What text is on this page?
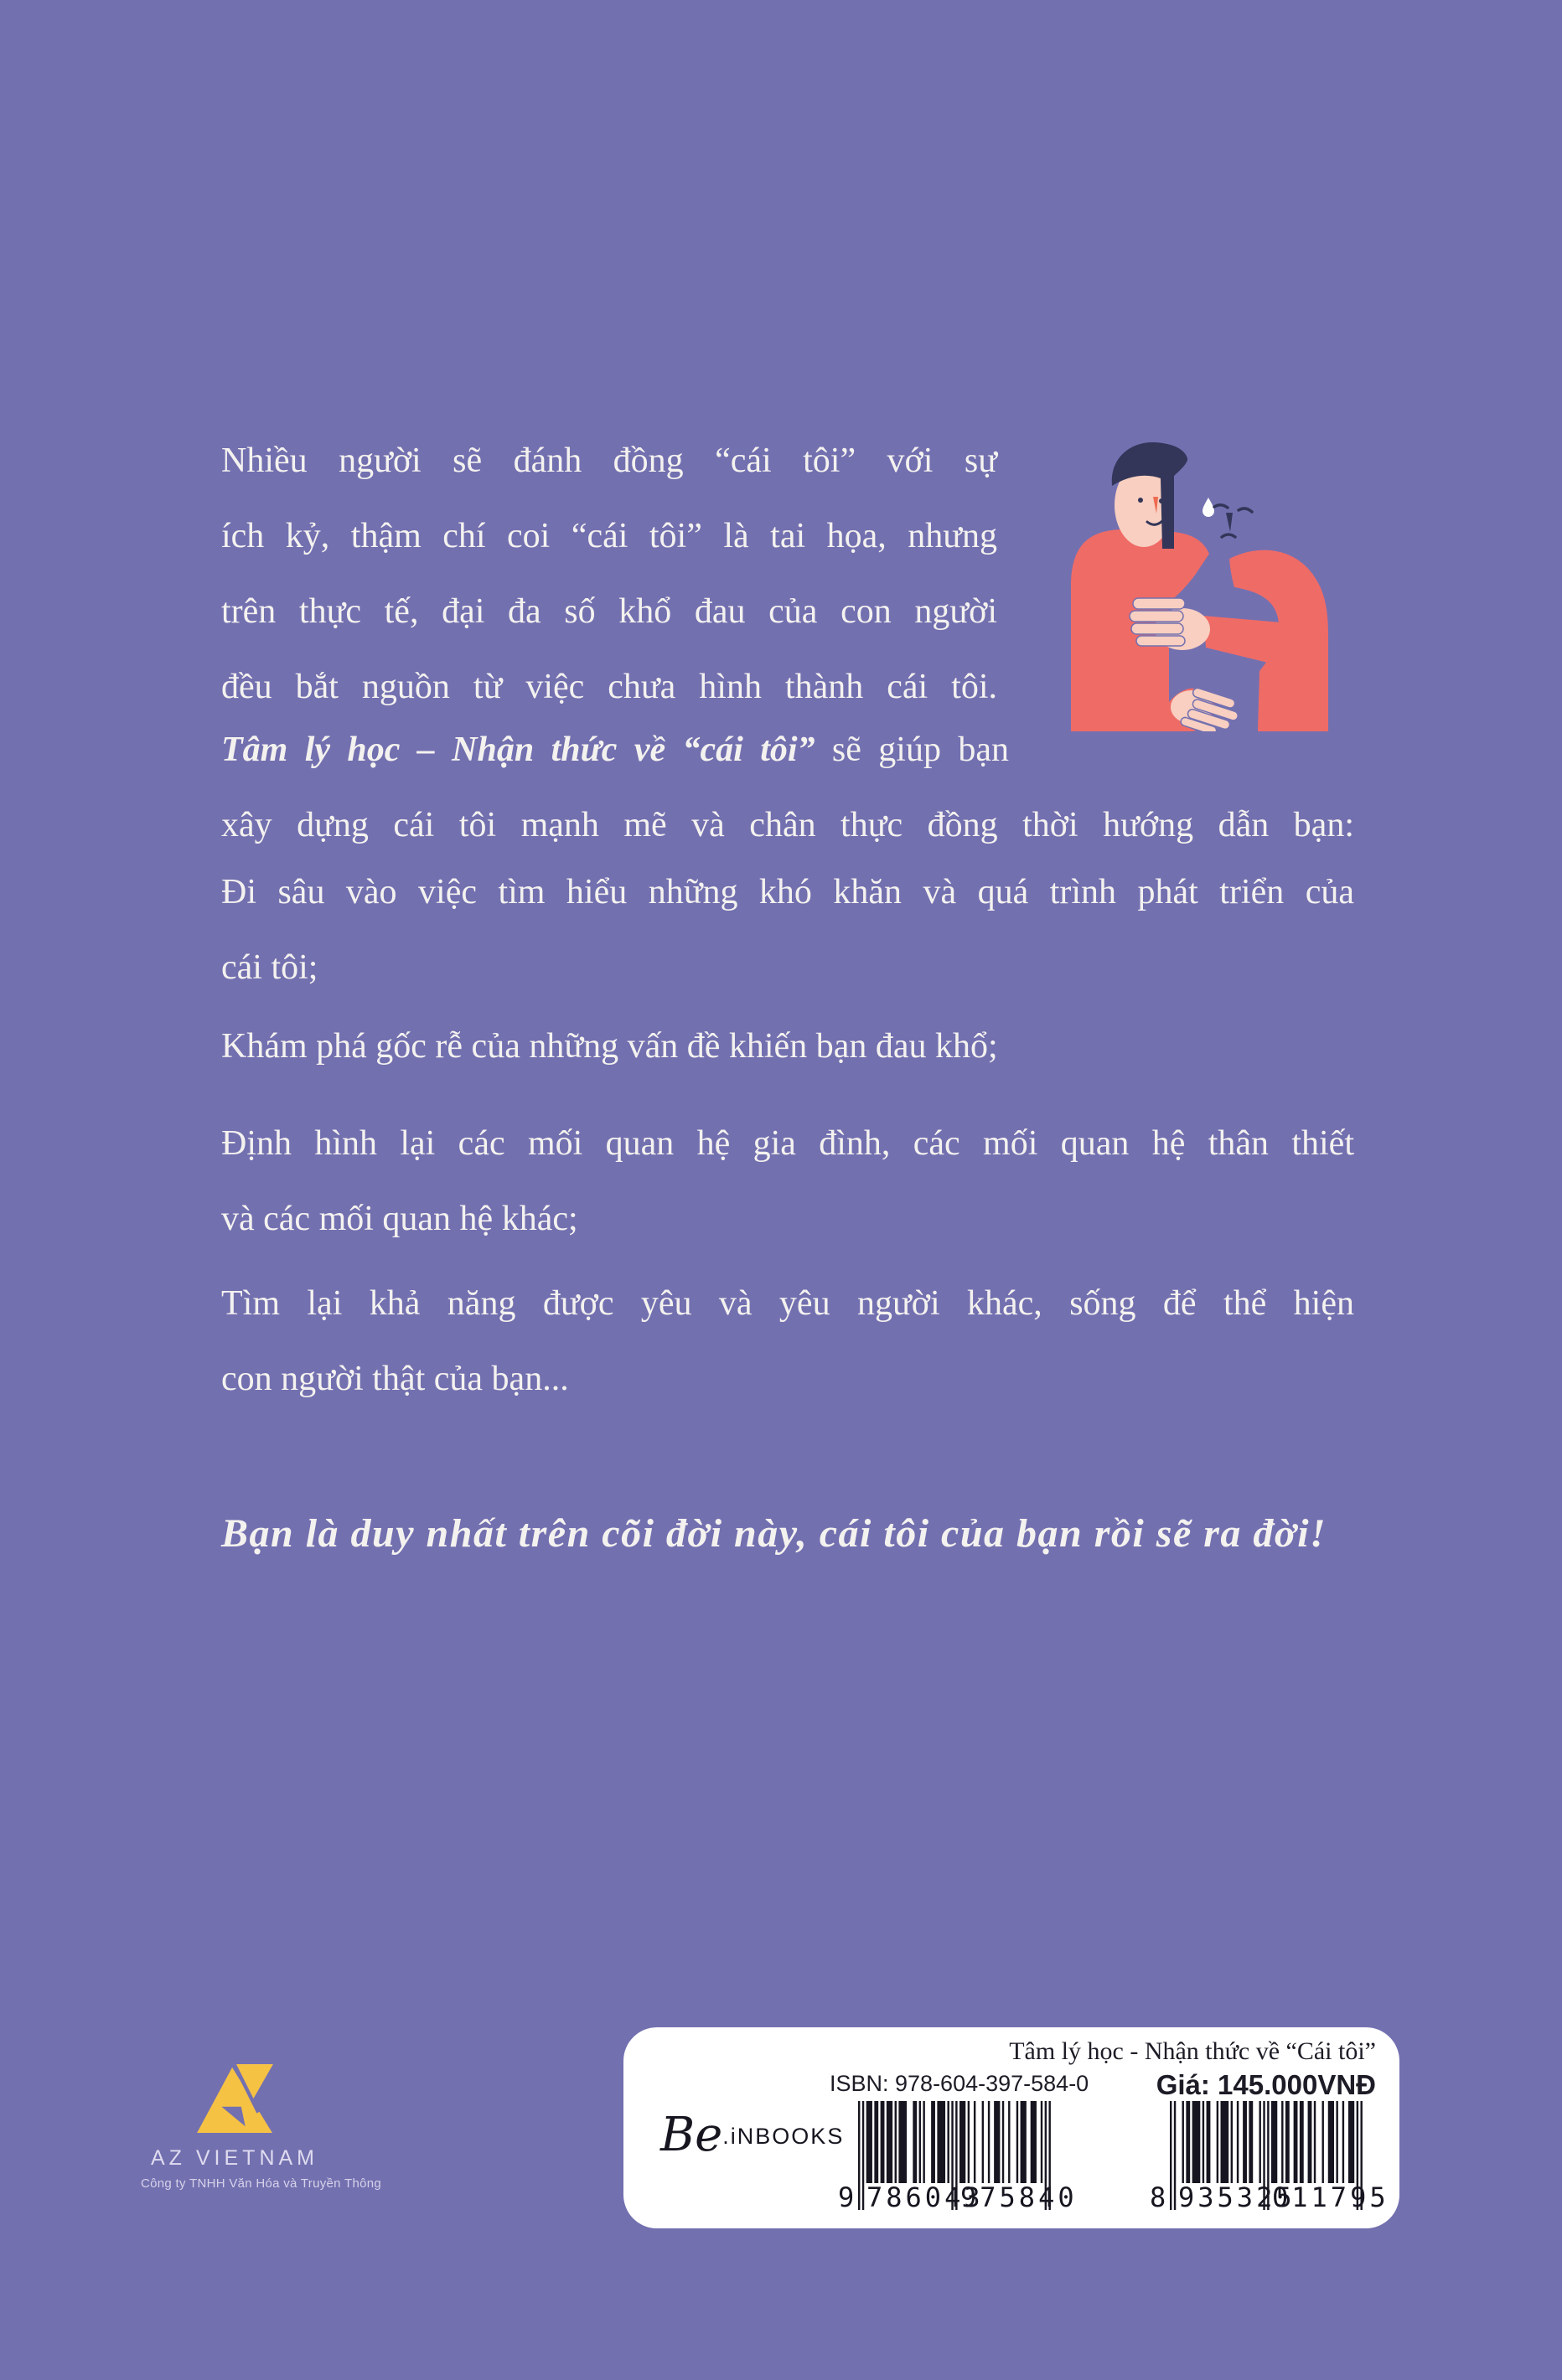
Nhiều người sẽ đánh đồng “cái tôi” với sự
ích kỷ, thậm chí coi “cái tôi” là tai họa, nhưng
trên thực tế, đại đa số khổ đau của con người
đều bắt nguồn từ việc chưa hình thành cái tôi.
Tâm lý học – Nhận thức về “cái tôi” sẽ giúp bạn
xây dựng cái tôi mạnh mẽ và chân thực đồng thời hướng dẫn bạn:
Đi sâu vào việc tìm hiểu những khó khăn và quá trình phát triển của
cái tôi;
Khám phá gốc rễ của những vấn đề khiến bạn đau khổ;
Định hình lại các mối quan hệ gia đình, các mối quan hệ thân thiết
và các mối quan hệ khác;
Tìm lại khả năng được yêu và yêu người khác, sống để thể hiện
con người thật của bạn...
Bạn là duy nhất trên cõi đời này, cái tôi của bạn rồi sẽ ra đời!
AZ VIETNAM
Công ty TNHH Văn Hóa và Truyền Thông
Tâm lý học - Nhận thức về “Cái tôi”
Giá: 145.000VNĐ
ISBN: 978-604-397-584-0
Be.iNBOOKS
9 786043
975840	8 935325
011795
